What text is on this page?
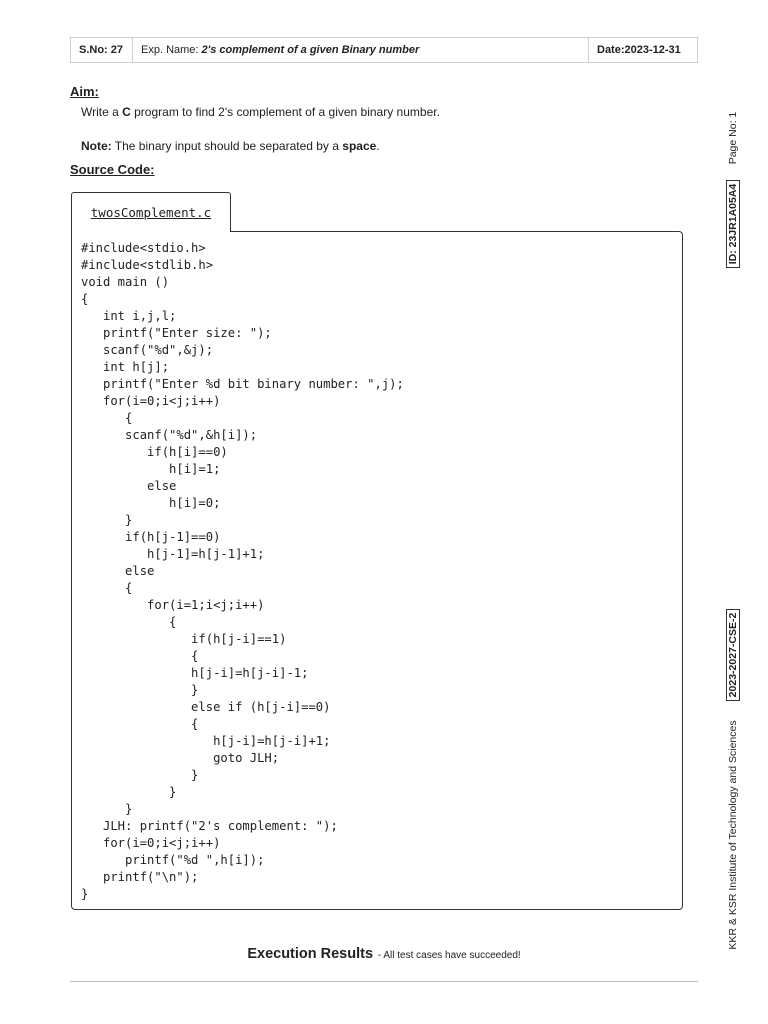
S.No: 27	Exp. Name: 2's complement of a given Binary number	Date:2023-12-31
Aim:
Write a C program to find 2's complement of a given binary number.
Note: The binary input should be separated by a space.
Source Code:
twosComplement.c
#include<stdio.h>
#include<stdlib.h>
void main ()
{
int i,j,l;
printf("Enter size: ");
scanf("%d",&j);
int h[j];
printf("Enter %d bit binary number: ",j);
for(i=0;i<j;i++)
{
scanf("%d",&h[i]);
if(h[i]==0)
h[i]=1;
else
h[i]=0;
}
if(h[j-1]==0)
h[j-1]=h[j-1]+1;
else
{
for(i=1;i<j;i++)
{
if(h[j-i]==1)
{
h[j-i]=h[j-i]-1;
}
else if (h[j-i]==0)
{
h[j-i]=h[j-i]+1;
goto JLH;
}
}
}
JLH: printf("2's complement: ");
for(i=0;i<j;i++)
printf("%d ",h[i]);
printf("\n");
}
Execution Results - All test cases have succeeded!
Page No: 1
ID: 23JR1A05A4
2023-2027-CSE-2
KKR & KSR Institute of Technology and Sciences
